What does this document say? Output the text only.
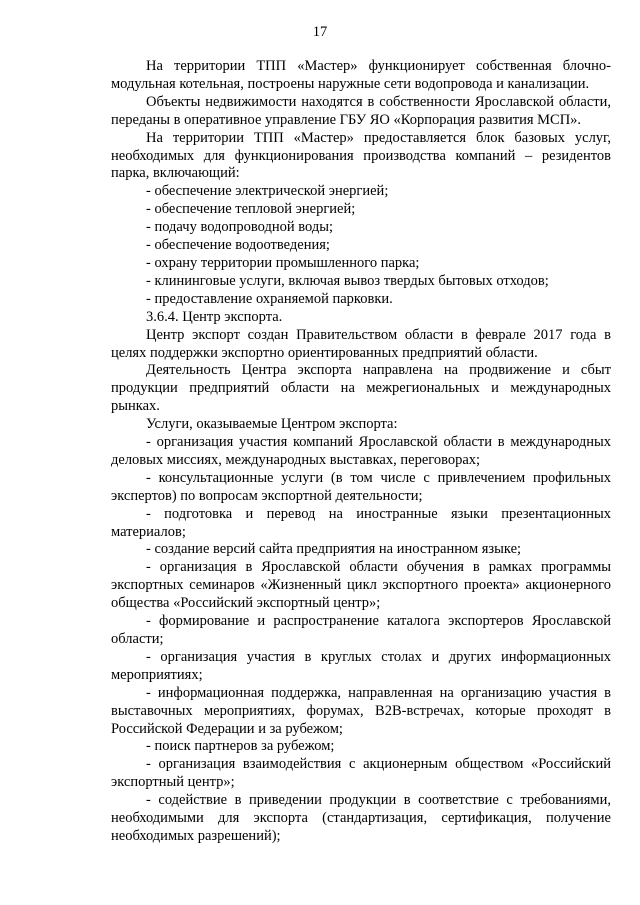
17

На территории ТПП «Мастер» функционирует собственная блочно-модульная котельная, построены наружные сети водопровода и канализации.

Объекты недвижимости находятся в собственности Ярославской области, переданы в оперативное управление ГБУ ЯО «Корпорация развития МСП».

На территории ТПП «Мастер» предоставляется блок базовых услуг, необходимых для функционирования производства компаний – резидентов парка, включающий:

- обеспечение электрической энергией;

- обеспечение тепловой энергией;

- подачу водопроводной воды;

- обеспечение водоотведения;

- охрану территории промышленного парка;

- клининговые услуги, включая вывоз твердых бытовых отходов;

- предоставление охраняемой парковки.

3.6.4. Центр экспорта.

Центр экспорт создан Правительством области в феврале 2017 года в целях поддержки экспортно ориентированных предприятий области.

Деятельность Центра экспорта направлена на продвижение и сбыт продукции предприятий области на межрегиональных и международных рынках.

Услуги, оказываемые Центром экспорта:

- организация участия компаний Ярославской области в международных деловых миссиях, международных выставках, переговорах;

- консультационные услуги (в том числе с привлечением профильных экспертов) по вопросам экспортной деятельности;

- подготовка и перевод на иностранные языки презентационных материалов;

- создание версий сайта предприятия на иностранном языке;

- организация в Ярославской области обучения в рамках программы экспортных семинаров «Жизненный цикл экспортного проекта» акционерного общества «Российский экспортный центр»;

- формирование и распространение каталога экспортеров Ярославской области;

- организация участия в круглых столах и других информационных мероприятиях;

- информационная поддержка, направленная на организацию участия в выставочных мероприятиях, форумах, B2B-встречах, которые проходят в Российской Федерации и за рубежом;

- поиск партнеров за рубежом;

- организация взаимодействия с акционерным обществом «Российский экспортный центр»;

- содействие в приведении продукции в соответствие с требованиями, необходимыми для экспорта (стандартизация, сертификация, получение необходимых разрешений);
